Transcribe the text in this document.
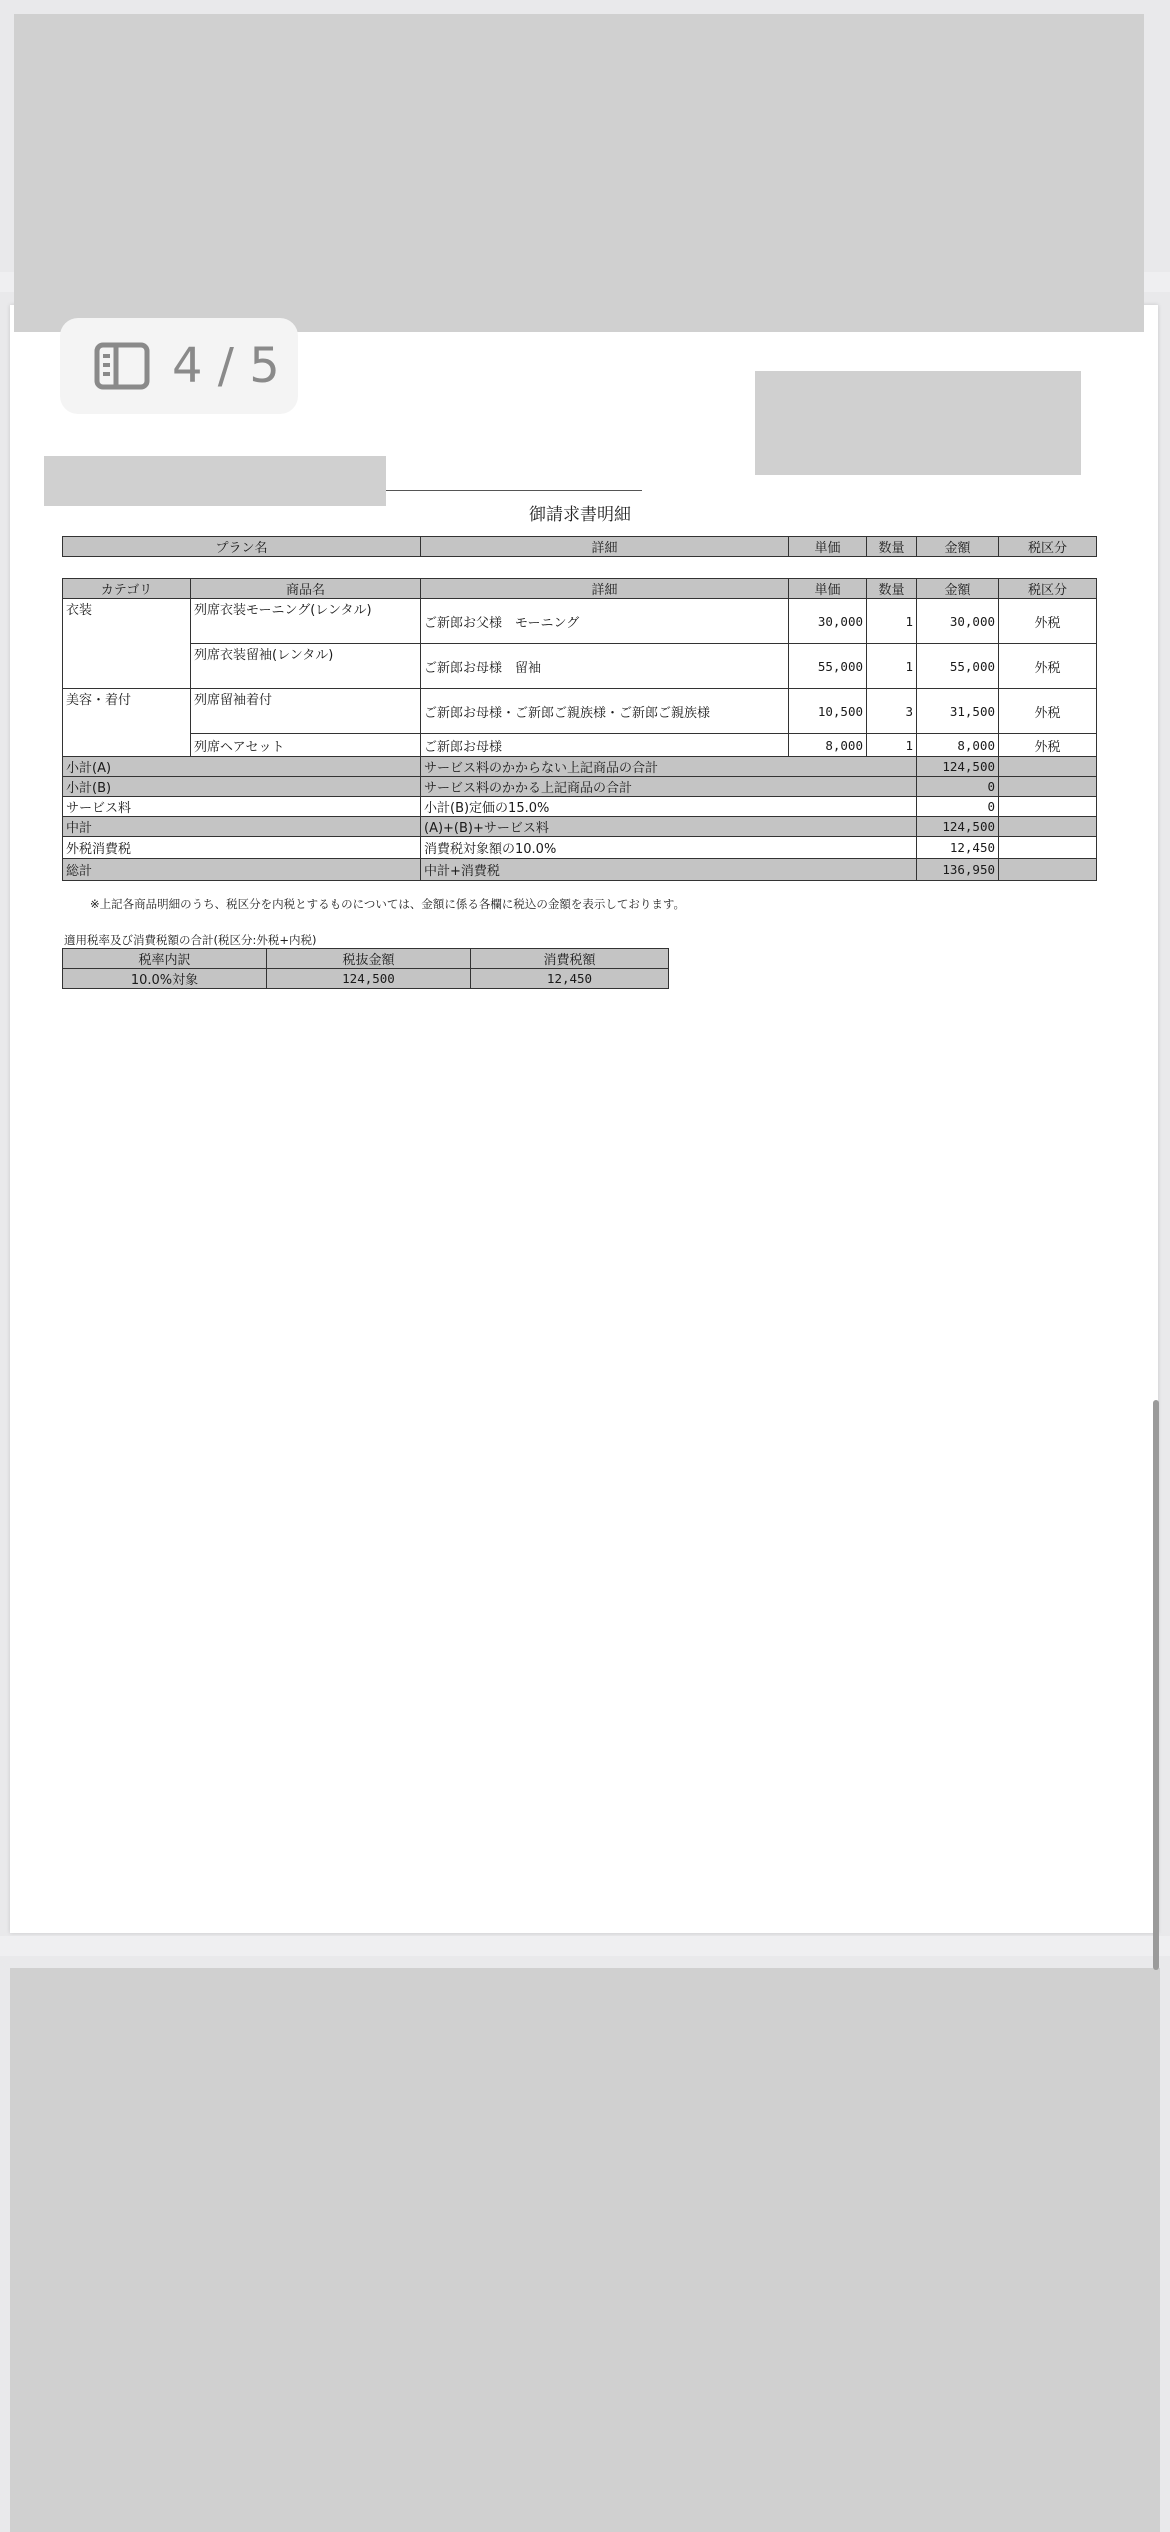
4 / 5
御請求書明細
プラン名	詳細	単価	数量	金額	税区分
カテゴリ	商品名	詳細	単価	数量	金額	税区分
衣装	列席衣装モーニング(レンタル)	ご新郎お父様　モーニング	30,000	1	30,000	外税
	列席衣装留袖(レンタル)	ご新郎お母様　留袖	55,000	1	55,000	外税
美容・着付	列席留袖着付	ご新郎お母様・ご新郎ご親族様・ご新郎ご親族様	10,500	3	31,500	外税
	列席ヘアセット	ご新郎お母様	8,000	1	8,000	外税
小計(A)		サービス料のかからない上記商品の合計			124,500	
小計(B)		サービス料のかかる上記商品の合計			0	
サービス料		小計(B)定価の15.0%			0	
中計		(A)+(B)+サービス料			124,500	
外税消費税		消費税対象額の10.0%			12,450	
総計		中計+消費税			136,950	
※上記各商品明細のうち、税区分を内税とするものについては、金額に係る各欄に税込の金額を表示しております。
適用税率及び消費税額の合計(税区分:外税+内税)
税率内訳	税抜金額	消費税額
10.0%対象	124,500	12,450
